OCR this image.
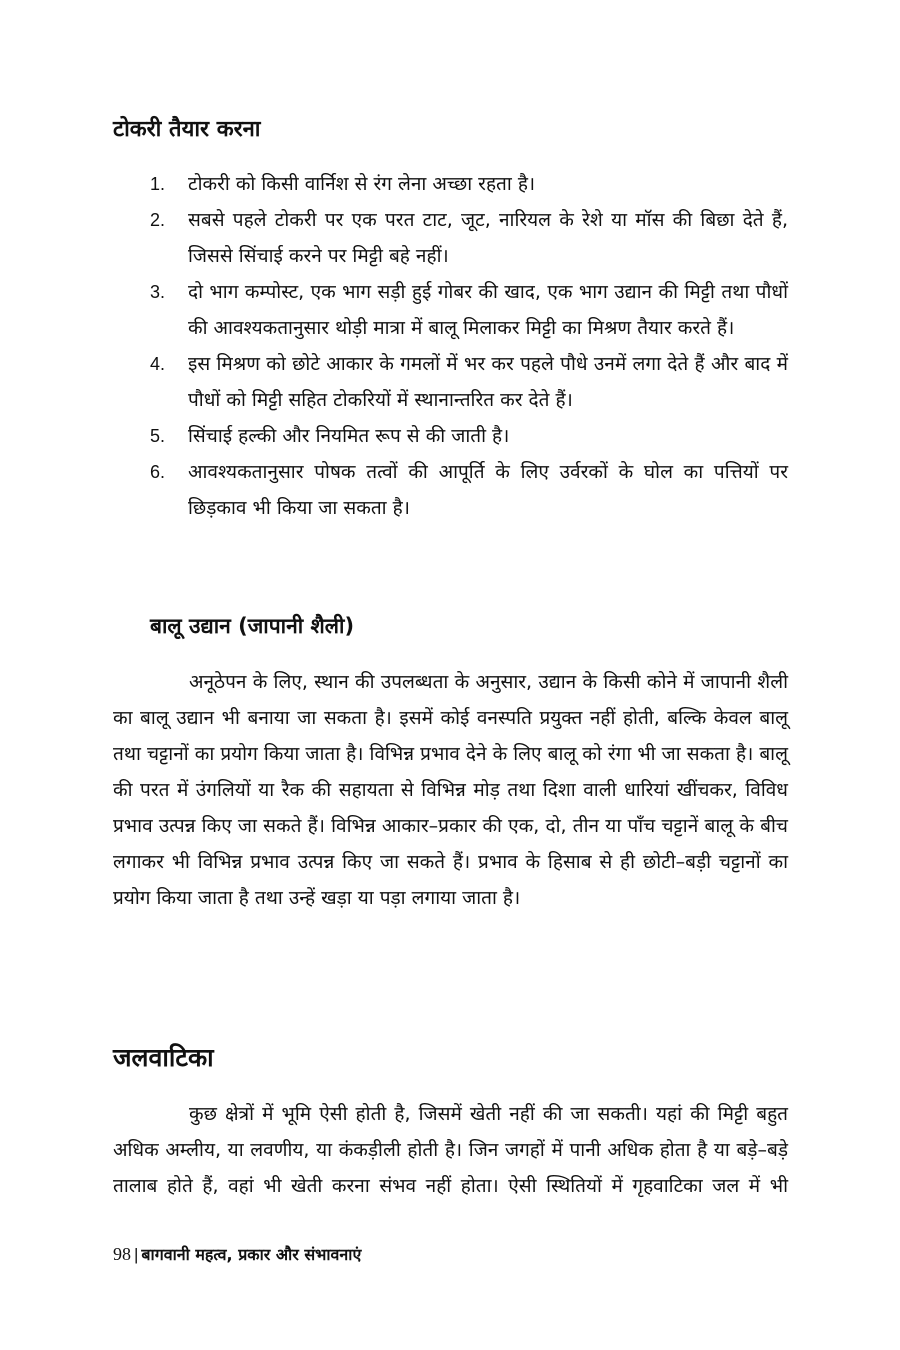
टोकरी तैयार करना
1. टोकरी को किसी वार्निश से रंग लेना अच्छा रहता है।
2. सबसे पहले टोकरी पर एक परत टाट, जूट, नारियल के रेशे या मॉस की बिछा देते हैं, जिससे सिंचाई करने पर मिट्टी बहे नहीं।
3. दो भाग कम्पोस्ट, एक भाग सड़ी हुई गोबर की खाद, एक भाग उद्यान की मिट्टी तथा पौधों की आवश्यकतानुसार थोड़ी मात्रा में बालू मिलाकर मिट्टी का मिश्रण तैयार करते हैं।
4. इस मिश्रण को छोटे आकार के गमलों में भर कर पहले पौधे उनमें लगा देते हैं और बाद में पौधों को मिट्टी सहित टोकरियों में स्थानान्तरित कर देते हैं।
5. सिंचाई हल्की और नियमित रूप से की जाती है।
6. आवश्यकतानुसार पोषक तत्वों की आपूर्ति के लिए उर्वरकों के घोल का पत्तियों पर छिड़काव भी किया जा सकता है।
बालू उद्यान (जापानी शैली)

अनूठेपन के लिए, स्थान की उपलब्धता के अनुसार, उद्यान के किसी कोने में जापानी शैली का बालू उद्यान भी बनाया जा सकता है। इसमें कोई वनस्पति प्रयुक्त नहीं होती, बल्कि केवल बालू तथा चट्टानों का प्रयोग किया जाता है। विभिन्न प्रभाव देने के लिए बालू को रंगा भी जा सकता है। बालू की परत में उंगलियों या रैक की सहायता से विभिन्न मोड़ तथा दिशा वाली धारियां खींचकर, विविध प्रभाव उत्पन्न किए जा सकते हैं। विभिन्न आकार–प्रकार की एक, दो, तीन या पाँच चट्टानें बालू के बीच लगाकर भी विभिन्न प्रभाव उत्पन्न किए जा सकते हैं। प्रभाव के हिसाब से ही छोटी–बड़ी चट्टानों का प्रयोग किया जाता है तथा उन्हें खड़ा या पड़ा लगाया जाता है।

जलवाटिका

कुछ क्षेत्रों में भूमि ऐसी होती है, जिसमें खेती नहीं की जा सकती। यहां की मिट्टी बहुत अधिक अम्लीय, या लवणीय, या कंकड़ीली होती है। जिन जगहों में पानी अधिक होता है या बड़े–बड़े तालाब होते हैं, वहां भी खेती करना संभव नहीं होता। ऐसी स्थितियों में गृहवाटिका जल में भी

98 | बागवानी महत्व, प्रकार और संभावनाएं
